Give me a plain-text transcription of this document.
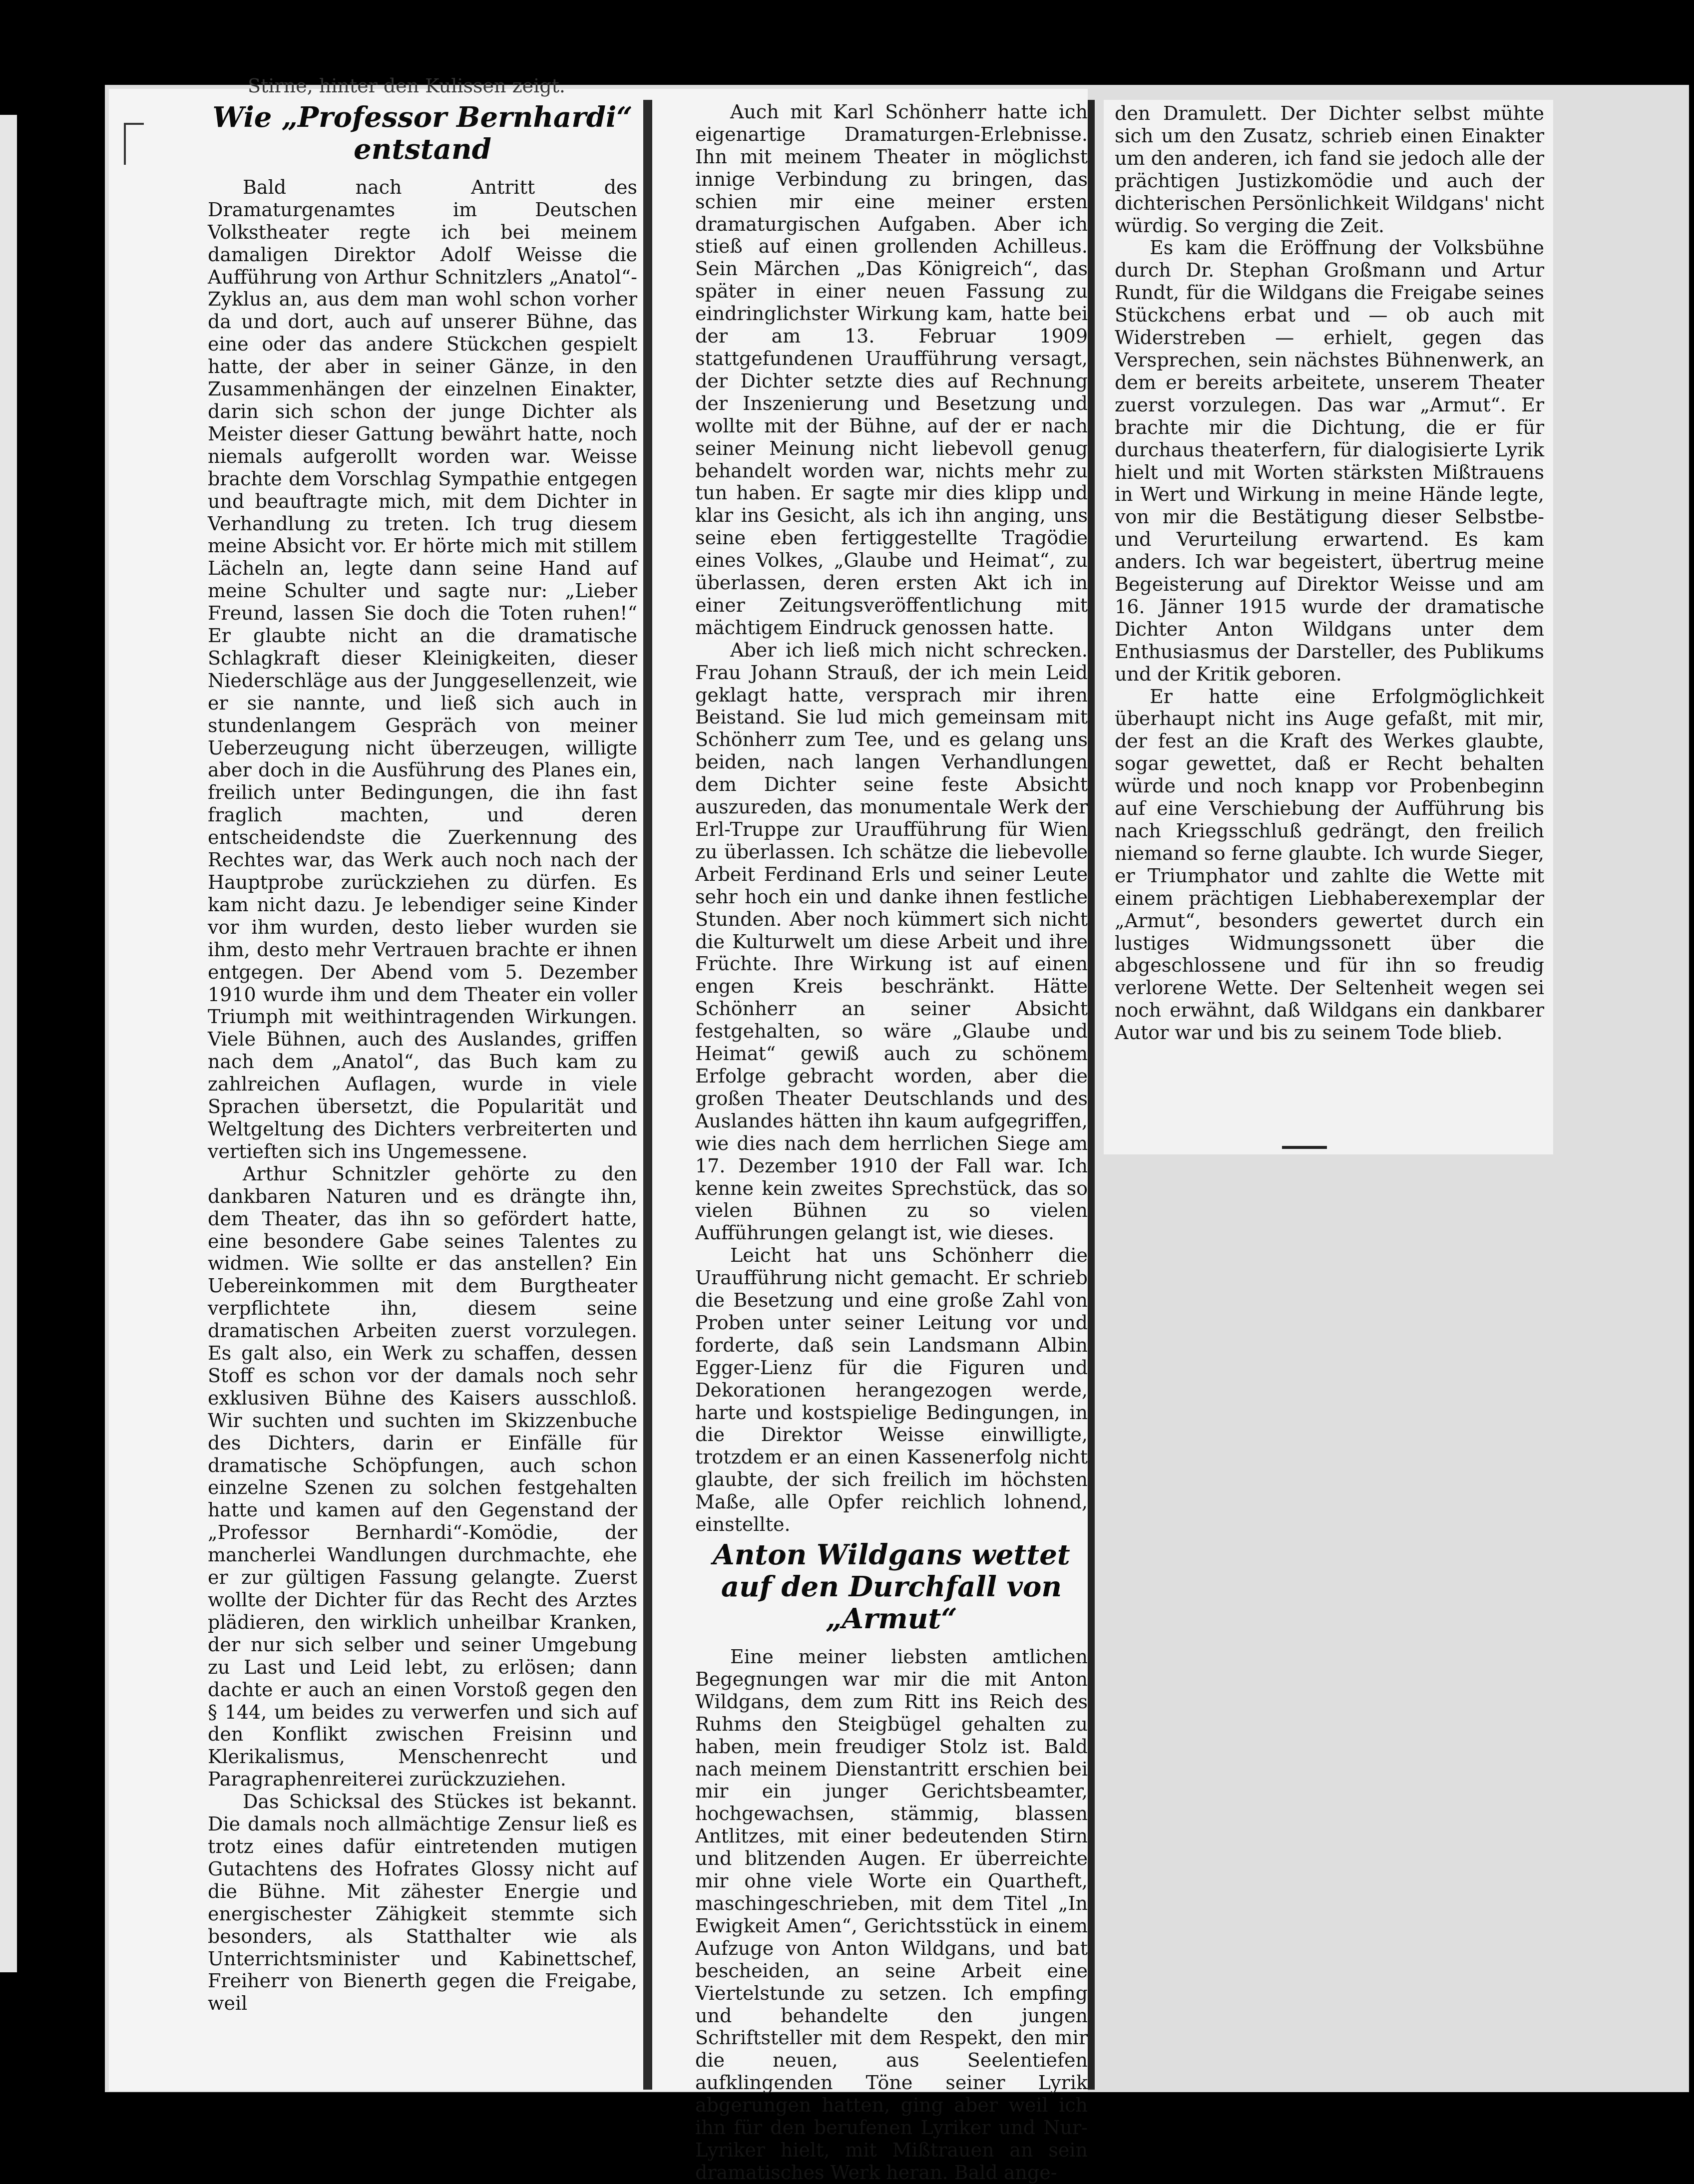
Stirne, hinter den Kulissen zeigt.

Wie „Professor Bernhardi“ entstand

Bald nach Antritt des Dramaturgenamtes im Deutschen Volkstheater regte ich bei meinem damaligen Direktor Adolf Weisse die Aufführung von Arthur Schnitzlers „Anatol“-Zyklus an, aus dem man wohl schon vorher da und dort, auch auf unserer Bühne, das eine oder das andere Stückchen gespielt hatte, der aber in seiner Gänze, in den Zusammenhängen der einzelnen Einakter, darin sich schon der junge Dichter als Meister dieser Gattung bewährt hatte, noch niemals aufgerollt worden war. Weisse brachte dem Vorschlag Sympathie entgegen und beauftragte mich, mit dem Dichter in Verhandlung zu treten. Ich trug diesem meine Absicht vor. Er hörte mich mit stillem Lächeln an, legte dann seine Hand auf meine Schulter und sagte nur: „Lieber Freund, lassen Sie doch die Toten ruhen!“ Er glaubte nicht an die dramatische Schlagkraft dieser Kleinigkeiten, dieser Niederschläge aus der Junggesellenzeit, wie er sie nannte, und ließ sich auch in stundenlangem Gespräch von meiner Ueberzeugung nicht überzeugen, willigte aber doch in die Ausführung des Planes ein, freilich unter Bedingungen, die ihn fast fraglich machten, und deren entscheidendste die Zuerkennung des Rechtes war, das Werk auch noch nach der Hauptprobe zurückziehen zu dürfen. Es kam nicht dazu. Je lebendiger seine Kinder vor ihm wurden, desto lieber wurden sie ihm, desto mehr Vertrauen brachte er ihnen entgegen. Der Abend vom 5. Dezember 1910 wurde ihm und dem Theater ein voller Triumph mit weithintragenden Wirkungen. Viele Bühnen, auch des Auslandes, griffen nach dem „Anatol“, das Buch kam zu zahlreichen Auflagen, wurde in viele Sprachen übersetzt, die Popularität und Weltgeltung des Dichters verbreiterten und vertieften sich ins Ungemessene.

Arthur Schnitzler gehörte zu den dankbaren Naturen und es drängte ihn, dem Theater, das ihn so gefördert hatte, eine besondere Gabe seines Talentes zu widmen. Wie sollte er das anstellen? Ein Uebereinkommen mit dem Burgtheater verpflichtete ihn, diesem seine dramatischen Arbeiten zuerst vorzulegen. Es galt also, ein Werk zu schaffen, dessen Stoff es schon vor der damals noch sehr exklusiven Bühne des Kaisers ausschloß. Wir suchten und suchten im Skizzenbuche des Dichters, darin er Einfälle für dramatische Schöpfungen, auch schon einzelne Szenen zu solchen festgehalten hatte und kamen auf den Gegenstand der „Professor Bernhardi“-Komödie, der mancherlei Wandlungen durchmachte, ehe er zur gültigen Fassung gelangte. Zuerst wollte der Dichter für das Recht des Arztes plädieren, den wirklich unheilbar Kranken, der nur sich selber und seiner Umgebung zu Last und Leid lebt, zu erlösen; dann dachte er auch an einen Vorstoß gegen den § 144, um beides zu verwerfen und sich auf den Konflikt zwischen Freisinn und Klerikalismus, Menschenrecht und Paragraphenreiterei zurückzuziehen.

Das Schicksal des Stückes ist bekannt. Die damals noch allmächtige Zensur ließ es trotz eines dafür eintretenden mutigen Gutachtens des Hofrates Glossy nicht auf die Bühne. Mit zähester Energie und energischester Zähigkeit stemmte sich besonders, als Statthalter wie als Unterrichtsminister und Kabinettschef, Freiherr von Bienerth gegen die Freigabe, weil

Auch mit Karl Schönherr hatte ich eigenartige Dramaturgen-Erlebnisse. Ihn mit meinem Theater in möglichst innige Verbindung zu bringen, das schien mir eine meiner ersten dramaturgischen Aufgaben. Aber ich stieß auf einen grollenden Achilleus. Sein Märchen „Das Königreich“, das später in einer neuen Fassung zu eindringlichster Wirkung kam, hatte bei der am 13. Februar 1909 stattgefundenen Uraufführung versagt, der Dichter setzte dies auf Rechnung der Inszenierung und Besetzung und wollte mit der Bühne, auf der er nach seiner Meinung nicht liebevoll genug behandelt worden war, nichts mehr zu tun haben. Er sagte mir dies klipp und klar ins Gesicht, als ich ihn anging, uns seine eben fertiggestellte Tragödie eines Volkes, „Glaube und Heimat“, zu überlassen, deren ersten Akt ich in einer Zeitungsveröffentlichung mit mächtigem Eindruck genossen hatte.

Aber ich ließ mich nicht schrecken. Frau Johann Strauß, der ich mein Leid geklagt hatte, versprach mir ihren Beistand. Sie lud mich gemeinsam mit Schönherr zum Tee, und es gelang uns beiden, nach langen Verhandlungen dem Dichter seine feste Absicht auszureden, das monumentale Werk der Erl-Truppe zur Uraufführung für Wien zu überlassen. Ich schätze die liebevolle Arbeit Ferdinand Erls und seiner Leute sehr hoch ein und danke ihnen festliche Stunden. Aber noch kümmert sich nicht die Kulturwelt um diese Arbeit und ihre Früchte. Ihre Wirkung ist auf einen engen Kreis beschränkt. Hätte Schönherr an seiner Absicht festgehalten, so wäre „Glaube und Heimat“ gewiß auch zu schönem Erfolge gebracht worden, aber die großen Theater Deutschlands und des Auslandes hätten ihn kaum aufgegriffen, wie dies nach dem herrlichen Siege am 17. Dezember 1910 der Fall war. Ich kenne kein zweites Sprechstück, das so vielen Bühnen zu so vielen Aufführungen gelangt ist, wie dieses.

Leicht hat uns Schönherr die Uraufführung nicht gemacht. Er schrieb die Besetzung und eine große Zahl von Proben unter seiner Leitung vor und forderte, daß sein Landsmann Albin Egger-Lienz für die Figuren und Dekorationen herangezogen werde, harte und kostspielige Bedingungen, in die Direktor Weisse einwilligte, trotzdem er an einen Kassenerfolg nicht glaubte, der sich freilich im höchsten Maße, alle Opfer reichlich lohnend, einstellte.

Anton Wildgans wettet auf den Durchfall von „Armut“

Eine meiner liebsten amtlichen Begegnungen war mir die mit Anton Wildgans, dem zum Ritt ins Reich des Ruhms den Steigbügel gehalten zu haben, mein freudiger Stolz ist. Bald nach meinem Dienstantritt erschien bei mir ein junger Gerichtsbeamter, hochgewachsen, stämmig, blassen Antlitzes, mit einer bedeutenden Stirn und blitzenden Augen. Er überreichte mir ohne viele Worte ein Quartheft, maschingeschrieben, mit dem Titel „In Ewigkeit Amen“, Gerichtsstück in einem Aufzuge von Anton Wildgans, und bat bescheiden, an seine Arbeit eine Viertelstunde zu setzen. Ich empfing und behandelte den jungen Schriftsteller mit dem Respekt, den mir die neuen, aus Seelentiefen aufklingenden Töne seiner Lyrik abgerungen hatten, ging aber weil ich ihn für den berufenen Lyriker und Nur-Lyriker hielt, mit Mißtrauen an sein dramatisches Werk heran. Bald ange-

den Dramulett. Der Dichter selbst mühte sich um den Zusatz, schrieb einen Einakter um den anderen, ich fand sie jedoch alle der prächtigen Justizkomödie und auch der dichterischen Persönlichkeit Wildgans' nicht würdig. So verging die Zeit.

Es kam die Eröffnung der Volksbühne durch Dr. Stephan Großmann und Artur Rundt, für die Wildgans die Freigabe seines Stückchens erbat und — ob auch mit Widerstreben — erhielt, gegen das Versprechen, sein nächstes Bühnenwerk, an dem er bereits arbeitete, unserem Theater zuerst vorzulegen. Das war „Armut“. Er brachte mir die Dichtung, die er für durchaus theaterfern, für dialogisierte Lyrik hielt und mit Worten stärksten Mißtrauens in Wert und Wirkung in meine Hände legte, von mir die Bestätigung dieser Selbstbe- und Verurteilung erwartend. Es kam anders. Ich war begeistert, übertrug meine Begeisterung auf Direktor Weisse und am 16. Jänner 1915 wurde der dramatische Dichter Anton Wildgans unter dem Enthusiasmus der Darsteller, des Publikums und der Kritik geboren.

Er hatte eine Erfolgmöglichkeit überhaupt nicht ins Auge gefaßt, mit mir, der fest an die Kraft des Werkes glaubte, sogar gewettet, daß er Recht behalten würde und noch knapp vor Probenbeginn auf eine Verschiebung der Aufführung bis nach Kriegsschluß gedrängt, den freilich niemand so ferne glaubte. Ich wurde Sieger, er Triumphator und zahlte die Wette mit einem prächtigen Liebhaberexemplar der „Armut“, besonders gewertet durch ein lustiges Widmungssonett über die abgeschlossene und für ihn so freudig verlorene Wette. Der Seltenheit wegen sei noch erwähnt, daß Wildgans ein dankbarer Autor war und bis zu seinem Tode blieb.
